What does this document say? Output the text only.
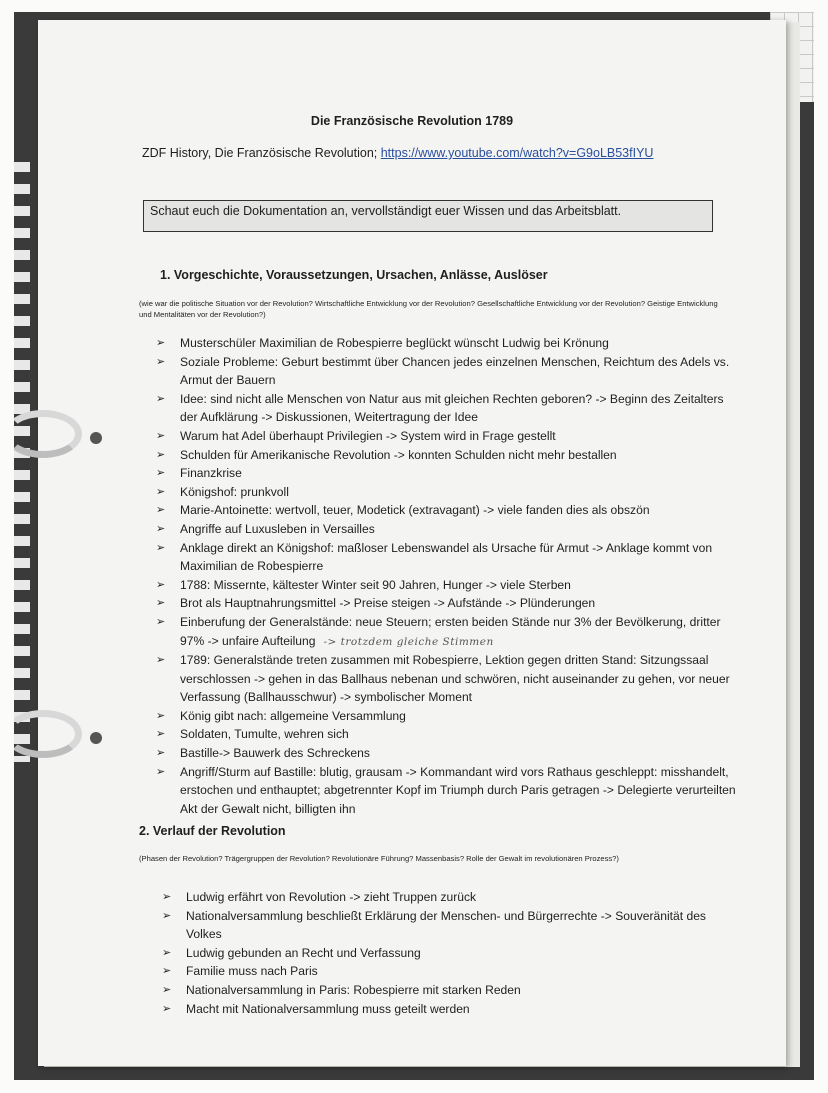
Die Französische Revolution 1789

ZDF History, Die Französische Revolution; https://www.youtube.com/watch?v=G9oLB53fIYU

Schaut euch die Dokumentation an, vervollständigt euer Wissen und das Arbeitsblatt.
1. Vorgeschichte, Voraussetzungen, Ursachen, Anlässe, Auslöser

(wie war die politische Situation vor der Revolution? Wirtschaftliche Entwicklung vor der Revolution? Gesellschaftliche Entwicklung vor der Revolution? Geistige Entwicklung und Mentalitäten vor der Revolution?)

➢ Musterschüler Maximilian de Robespierre beglückt wünscht Ludwig bei Krönung
➢ Soziale Probleme: Geburt bestimmt über Chancen jedes einzelnen Menschen, Reichtum des Adels vs. Armut der Bauern
➢ Idee: sind nicht alle Menschen von Natur aus mit gleichen Rechten geboren? -> Beginn des Zeitalters der Aufklärung -> Diskussionen, Weitertragung der Idee
➢ Warum hat Adel überhaupt Privilegien -> System wird in Frage gestellt
➢ Schulden für Amerikanische Revolution -> konnten Schulden nicht mehr bestallen
➢ Finanzkrise
➢ Königshof: prunkvoll
➢ Marie-Antoinette: wertvoll, teuer, Modetick (extravagant) -> viele fanden dies als obszön
➢ Angriffe auf Luxusleben in Versailles
➢ Anklage direkt an Königshof: maßloser Lebenswandel als Ursache für Armut -> Anklage kommt von Maximilian de Robespierre
➢ 1788: Missernte, kältester Winter seit 90 Jahren, Hunger -> viele Sterben
➢ Brot als Hauptnahrungsmittel -> Preise steigen -> Aufstände -> Plünderungen
➢ Einberufung der Generalstände: neue Steuern; ersten beiden Stände nur 3% der Bevölkerung, dritter 97% -> unfaire Aufteilung -> trotzdem gleiche Stimmen
➢ 1789: Generalstände treten zusammen mit Robespierre, Lektion gegen dritten Stand: Sitzungssaal verschlossen -> gehen in das Ballhaus nebenan und schwören, nicht auseinander zu gehen, vor neuer Verfassung (Ballhausschwur) -> symbolischer Moment
➢ König gibt nach: allgemeine Versammlung
➢ Soldaten, Tumulte, wehren sich
➢ Bastille-> Bauwerk des Schreckens
➢ Angriff/Sturm auf Bastille: blutig, grausam -> Kommandant wird vors Rathaus geschleppt: misshandelt, erstochen und enthauptet; abgetrennter Kopf im Triumph durch Paris getragen -> Delegierte verurteilten Akt der Gewalt nicht, billigten ihn
2. Verlauf der Revolution

(Phasen der Revolution? Trägergruppen der Revolution? Revolutionäre Führung? Massenbasis? Rolle der Gewalt im revolutionären Prozess?)

➢ Ludwig erfährt von Revolution -> zieht Truppen zurück
➢ Nationalversammlung beschließt Erklärung der Menschen- und Bürgerrechte -> Souveränität des Volkes
➢ Ludwig gebunden an Recht und Verfassung
➢ Familie muss nach Paris
➢ Nationalversammlung in Paris: Robespierre mit starken Reden
➢ Macht mit Nationalversammlung muss geteilt werden
